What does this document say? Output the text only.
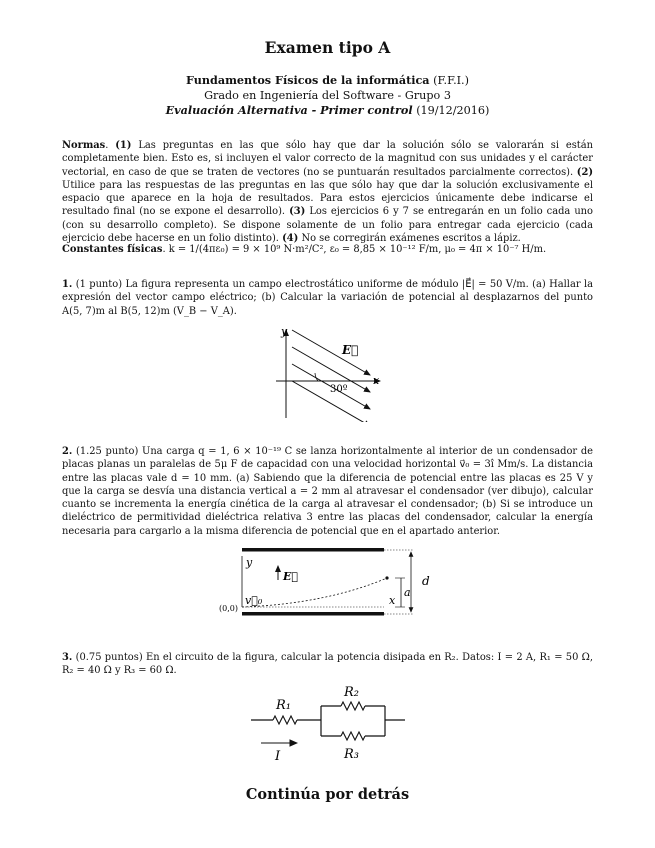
Examen tipo A
Fundamentos Físicos de la informática (F.F.I.)
Grado en Ingeniería del Software - Grupo 3
Evaluación Alternativa - Primer control (19/12/2016)
Normas. (1) Las preguntas en las que sólo hay que dar la solución sólo se valorarán si están completamente bien. Esto es, si incluyen el valor correcto de la magnitud con sus unidades y el carácter vectorial, en caso de que se traten de vectores (no se puntuarán resultados parcialmente correctos). (2) Utilice para las respuestas de las preguntas en las que sólo hay que dar la solución exclusivamente el espacio que aparece en la hoja de resultados. Para estos ejercicios únicamente debe indicarse el resultado final (no se expone el desarrollo). (3) Los ejercicios 6 y 7 se entregarán en un folio cada uno (con su desarrollo completo). Se dispone solamente de un folio para entregar cada ejercicio (cada ejercicio debe hacerse en un folio distinto). (4) No se corregirán exámenes escritos a lápiz.
Constantes físicas. k = 1/(4πε₀) = 9 × 10⁹ N·m²/C², ε₀ = 8,85 × 10⁻¹² F/m, μ₀ = 4π × 10⁻⁷ H/m.
1. (1 punto) La figura representa un campo electrostático uniforme de módulo |E⃗| = 50 V/m. (a) Hallar la expresión del vector campo eléctrico; (b) Calcular la variación de potencial al desplazarnos del punto A(5, 7)m al B(5, 12)m (V_B − V_A).
y
x
E⃗
30º
2. (1.25 punto) Una carga q = 1, 6 × 10⁻¹⁹ C se lanza horizontalmente al interior de un condensador de placas planas un paralelas de 5μ F de capacidad con una velocidad horizontal v⃗₀ = 3î Mm/s. La distancia entre las placas vale d = 10 mm. (a) Sabiendo que la diferencia de potencial entre las placas es 25 V y que la carga se desvía una distancia vertical a = 2 mm al atravesar el condensador (ver dibujo), calcular cuanto se incrementa la energía cinética de la carga al atravesar el condensador; (b) Si se introduce un dieléctrico de permitividad dieléctrica relativa 3 entre las placas del condensador, calcular la energía necesaria para cargarlo a la misma diferencia de potencial que en el apartado anterior.
d
y
E⃗
(0,0)
v⃗₀	x
a
3. (0.75 puntos) En el circuito de la figura, calcular la potencia disipada en R₂. Datos: I = 2 A, R₁ = 50 Ω, R₂ = 40 Ω y R₃ = 60 Ω.
R₁
R₂
R₃
I
Continúa por detrás
